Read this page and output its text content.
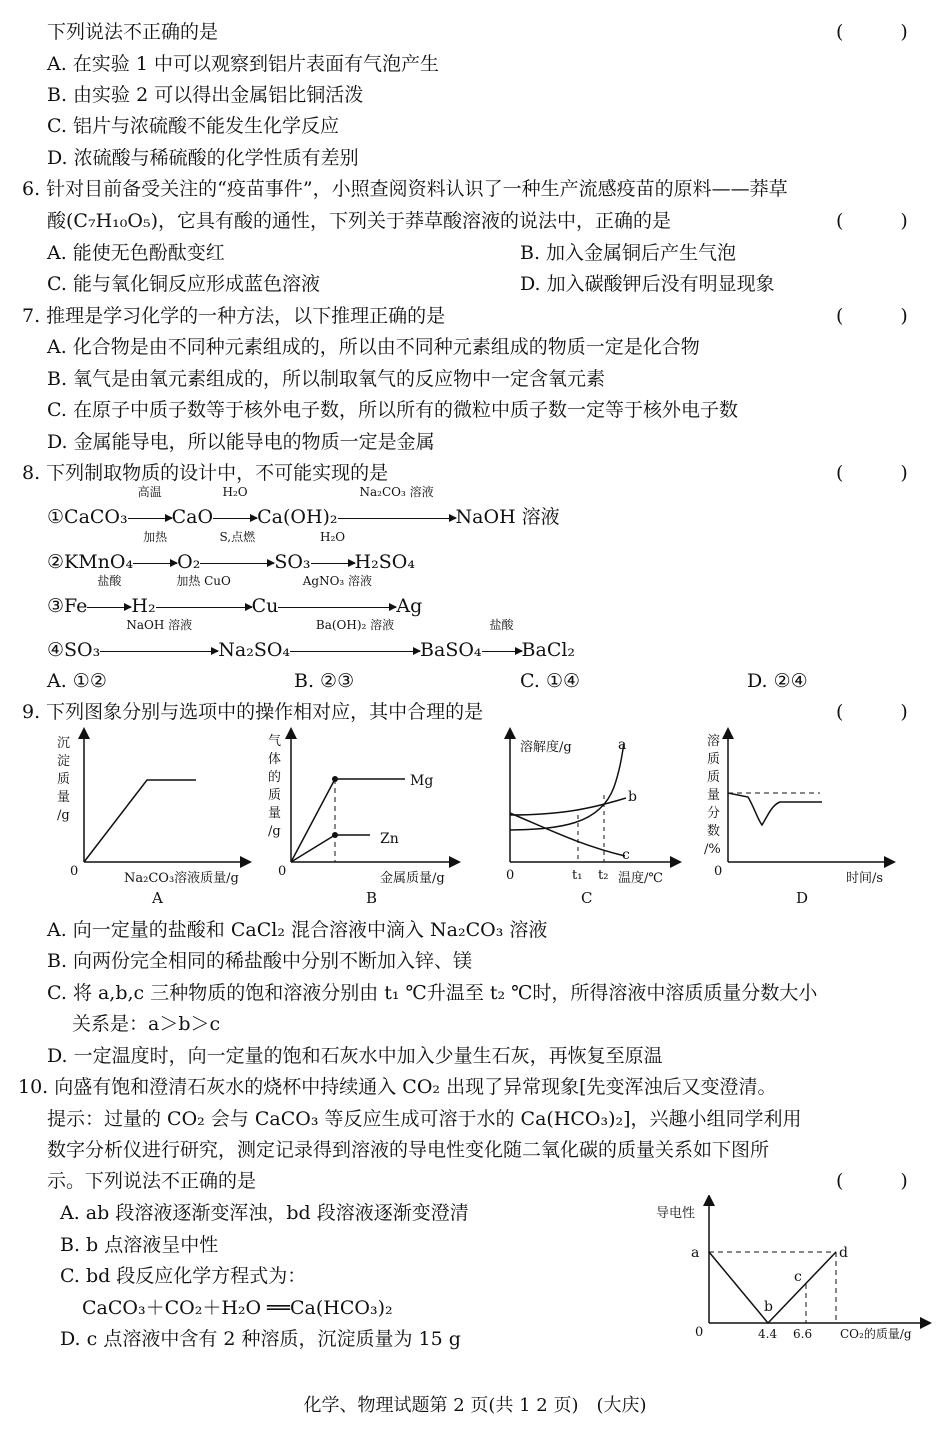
下列说法不正确的是	(　　　)
A. 在实验 1 中可以观察到铝片表面有气泡产生
B. 由实验 2 可以得出金属铝比铜活泼
C. 铝片与浓硫酸不能发生化学反应
D. 浓硫酸与稀硫酸的化学性质有差别
6. 针对目前备受关注的“疫苗事件”，小照查阅资料认识了一种生产流感疫苗的原料——莽草
酸(C₇H₁₀O₅)，它具有酸的通性，下列关于莽草酸溶液的说法中，正确的是	(　　　)
A. 能使无色酚酞变红	B. 加入金属铜后产生气泡
C. 能与氧化铜反应形成蓝色溶液	D. 加入碳酸钾后没有明显现象
7. 推理是学习化学的一种方法，以下推理正确的是	(　　　)
A. 化合物是由不同种元素组成的，所以由不同种元素组成的物质一定是化合物
B. 氧气是由氧元素组成的，所以制取氧气的反应物中一定含氧元素
C. 在原子中质子数等于核外电子数，所以所有的微粒中质子数一定等于核外电子数
D. 金属能导电，所以能导电的物质一定是金属
8. 下列制取物质的设计中，不可能实现的是	(　　　)
①CaCO₃
高温
CaO
H₂O
Ca(OH)₂
Na₂CO₃ 溶液
NaOH 溶液
②KMnO₄
加热
O₂
S,点燃
SO₃
H₂O
H₂SO₄
③Fe
盐酸
H₂
加热 CuO
Cu
AgNO₃ 溶液
Ag
④SO₃
NaOH 溶液
Na₂SO₄
Ba(OH)₂ 溶液
BaSO₄
盐酸
BaCl₂
A. ①②	B. ②③	C. ①④	D. ②④
9. 下列图象分别与选项中的操作相对应，其中合理的是	(　　　)
沉
淀
质
量
/g
0	Na₂CO₃溶液质量/g
A
Mg
Zn
气
体
的
质
量
/g
0	金属质量/g
B
溶解度/g	a
b
c
0	t₁ t₂ 温度/℃
C
溶
质
质
量
分
数
/%
0	时间/s
D
A. 向一定量的盐酸和 CaCl₂ 混合溶液中滴入 Na₂CO₃ 溶液
B. 向两份完全相同的稀盐酸中分别不断加入锌、镁
C. 将 a,b,c 三种物质的饱和溶液分别由 t₁ ℃升温至 t₂ ℃时，所得溶液中溶质质量分数大小
关系是：a＞b＞c
D. 一定温度时，向一定量的饱和石灰水中加入少量生石灰，再恢复至原温
10. 向盛有饱和澄清石灰水的烧杯中持续通入 CO₂ 出现了异常现象[先变浑浊后又变澄清。
提示：过量的 CO₂ 会与 CaCO₃ 等反应生成可溶于水的 Ca(HCO₃)₂]，兴趣小组同学利用
数字分析仪进行研究，测定记录得到溶液的导电性变化随二氧化碳的质量关系如下图所
示。下列说法不正确的是	(　　　)
A. ab 段溶液逐渐变浑浊，bd 段溶液逐渐变澄清
B. b 点溶液呈中性
C. bd 段反应化学方程式为：
CaCO₃＋CO₂＋H₂O ══Ca(HCO₃)₂
D. c 点溶液中含有 2 种溶质，沉淀质量为 15 g
导电性
a
b
c
d
0	4.4 6.6 CO₂的质量/g
化学、物理试题第 2 页(共 1 2 页)　(大庆)
